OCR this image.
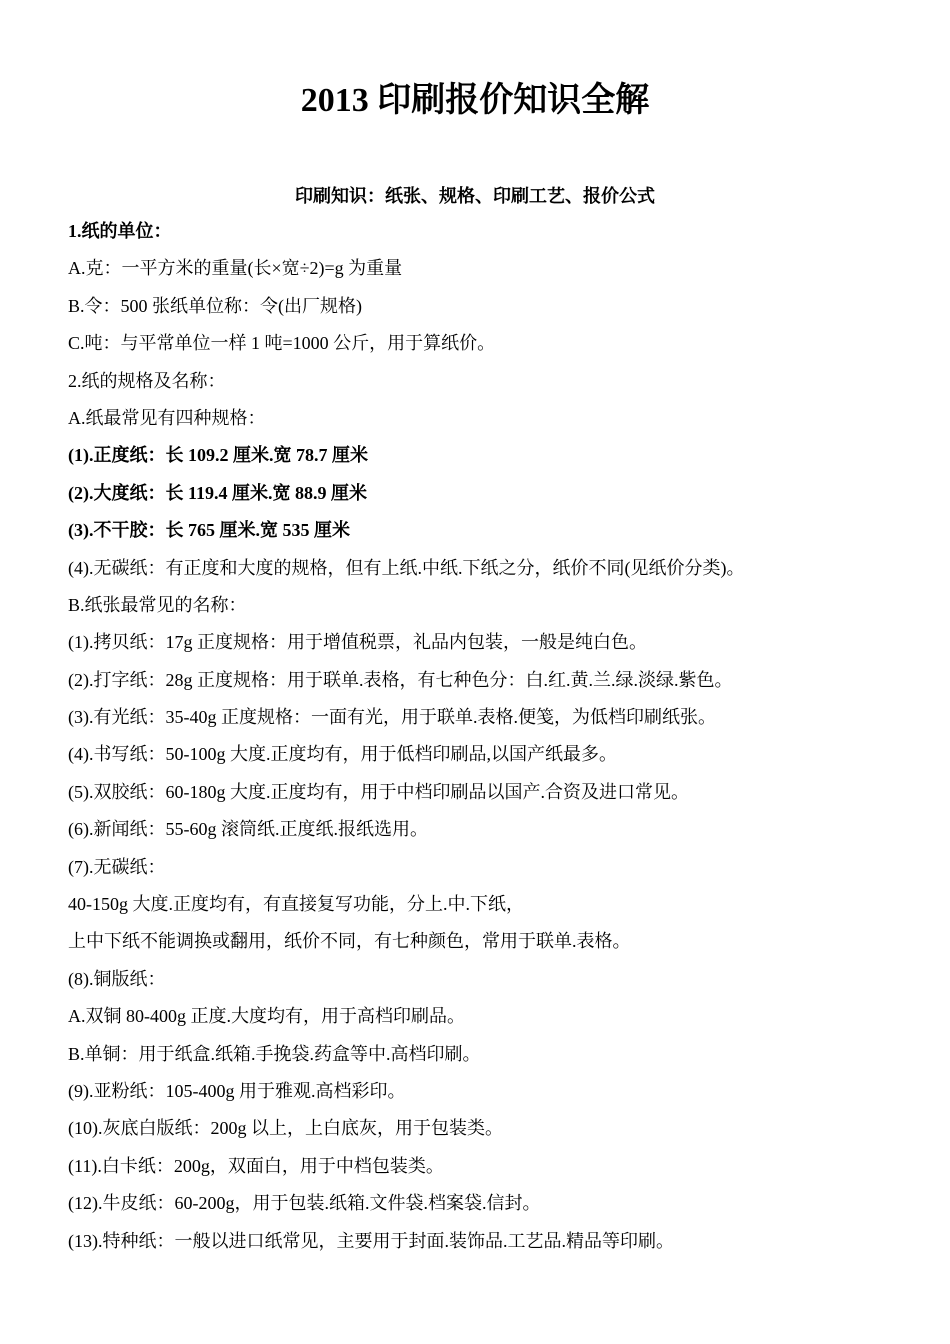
2013 印刷报价知识全解
印刷知识：纸张、规格、印刷工艺、报价公式
1.纸的单位：
A.克：一平方米的重量(长×宽÷2)=g 为重量
B.令：500 张纸单位称：令(出厂规格)
C.吨：与平常单位一样 1 吨=1000 公斤，用于算纸价。
2.纸的规格及名称：
A.纸最常见有四种规格：
(1).正度纸：长 109.2 厘米.宽 78.7 厘米
(2).大度纸：长 119.4 厘米.宽 88.9 厘米
(3).不干胶：长 765 厘米.宽 535 厘米
(4).无碳纸：有正度和大度的规格，但有上纸.中纸.下纸之分，纸价不同(见纸价分类)。
B.纸张最常见的名称：
(1).拷贝纸：17g 正度规格：用于增值税票，礼品内包装，一般是纯白色。
(2).打字纸：28g 正度规格：用于联单.表格，有七种色分：白.红.黄.兰.绿.淡绿.紫色。
(3).有光纸：35-40g 正度规格：一面有光，用于联单.表格.便笺，为低档印刷纸张。
(4).书写纸：50-100g 大度.正度均有，用于低档印刷品,以国产纸最多。
(5).双胶纸：60-180g 大度.正度均有，用于中档印刷品以国产.合资及进口常见。
(6).新闻纸：55-60g 滚筒纸.正度纸.报纸选用。
(7).无碳纸：
40-150g 大度.正度均有，有直接复写功能，分上.中.下纸，
上中下纸不能调换或翻用，纸价不同，有七种颜色，常用于联单.表格。
(8).铜版纸：
A.双铜 80-400g 正度.大度均有，用于高档印刷品。
B.单铜：用于纸盒.纸箱.手挽袋.药盒等中.高档印刷。
(9).亚粉纸：105-400g 用于雅观.高档彩印。
(10).灰底白版纸：200g 以上，上白底灰，用于包装类。
(11).白卡纸：200g，双面白，用于中档包装类。
(12).牛皮纸：60-200g，用于包装.纸箱.文件袋.档案袋.信封。
(13).特种纸：一般以进口纸常见，主要用于封面.装饰品.工艺品.精品等印刷。
